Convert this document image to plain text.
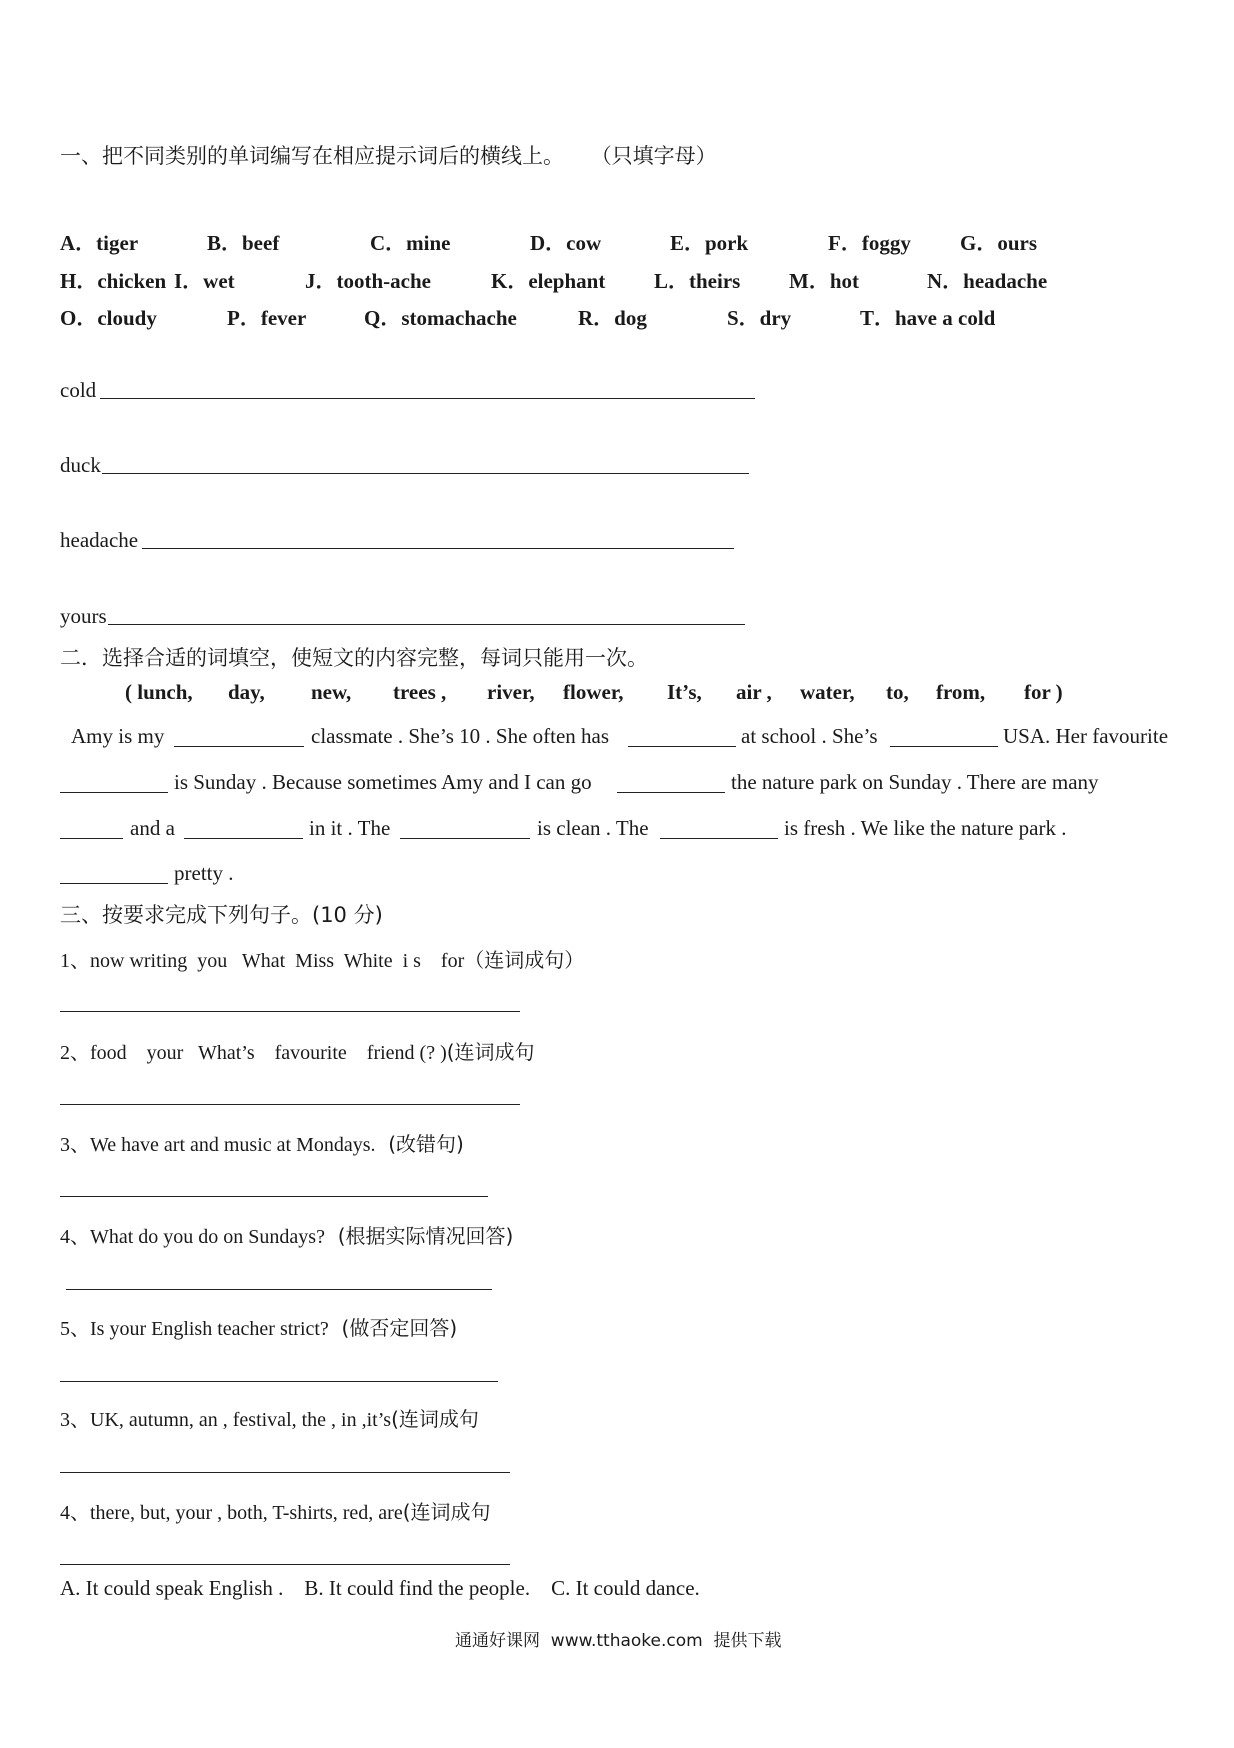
一、把不同类别的单词编写在相应提示词后的横线上。 （只填字母）
A．tiger	B．beef	C．mine	D．cow	E．pork	F．foggy G．ours
H．chicken I．wet	J．tooth-ache	K．elephant L．theirs M．hot	N．headache
O．cloudy	P．fever	Q．stomachache	R．dog	S．dry	T．have a cold
cold
duck
headache
yours
二．选择合适的词填空，使短文的内容完整，每词只能用一次。
( lunch, day, new, trees , river, flower, It’s, air , water, to, from, for )
Amy is my	classmate . She’s 10 . She often has	at school . She’s	USA. Her favourite
is Sunday . Because sometimes Amy and I can go	the nature park on Sunday . There are many
and a	in it . The	is clean . The	is fresh . We like the nature park .
pretty .
三、按要求完成下列句子。(10 分)
1、now writing  you   What  Miss  White  i s    for（连词成句）
2、food    your   What’s    favourite    friend (? )(连词成句
3、We have art and music at Mondays.  (改错句)
4、What do you do on Sundays?  (根据实际情况回答)
5、Is your English teacher strict?  (做否定回答)
3、UK, autumn, an , festival, the , in ,it’s(连词成句
4、there, but, your , both, T-shirts, red, are(连词成句
A. It could speak English .    B. It could find the people.    C. It could dance.
通通好课网  www.tthaoke.com  提供下载
